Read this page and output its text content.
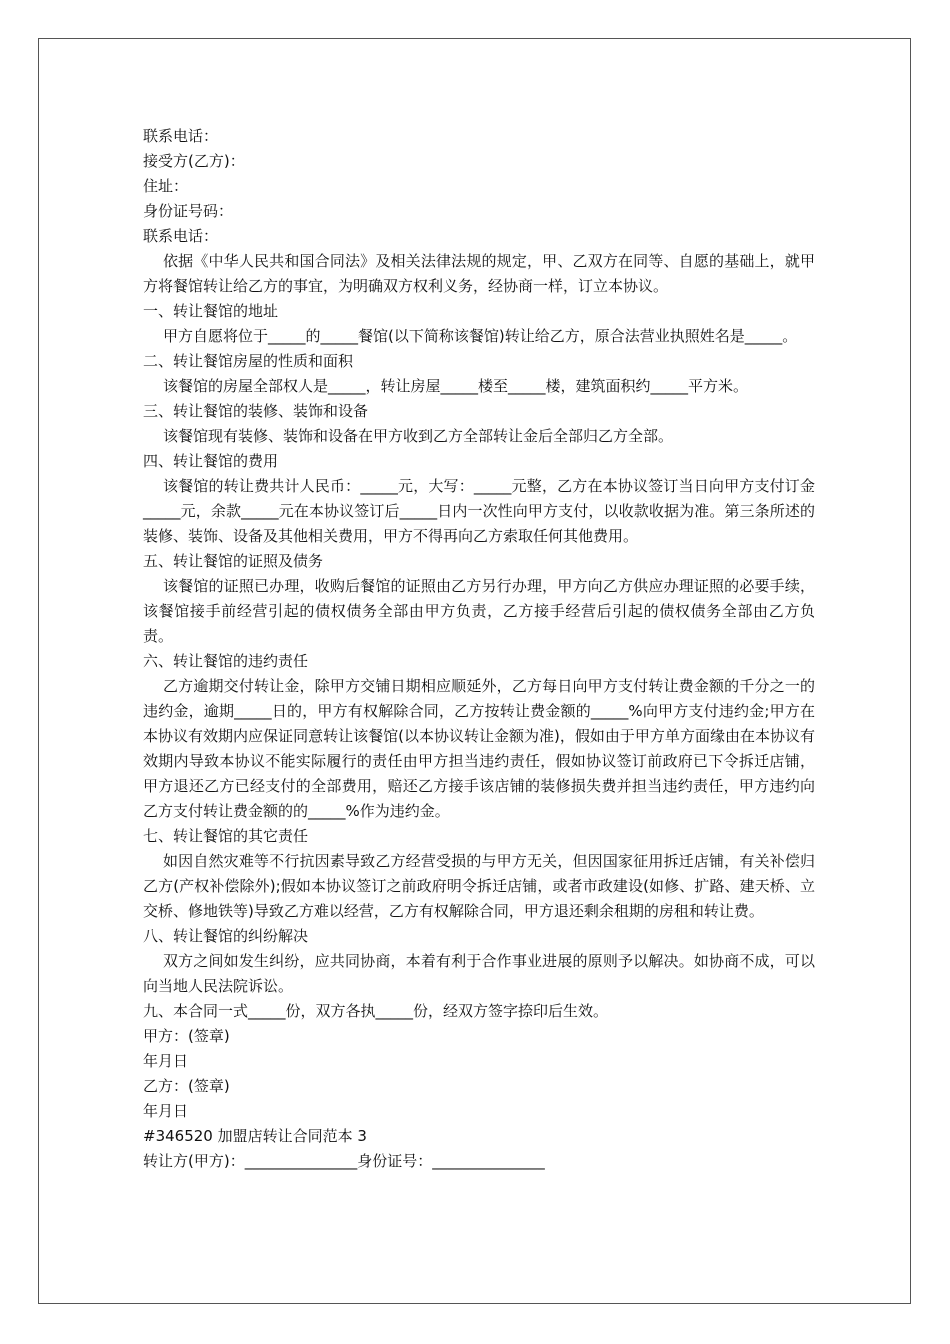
联系电话：

接受方(乙方)：

住址：

身份证号码：

联系电话：

依据《中华人民共和国合同法》及相关法律法规的规定，甲、乙双方在同等、自愿的基础上，就甲方将餐馆转让给乙方的事宜，为明确双方权利义务，经协商一样，订立本协议。

一、转让餐馆的地址

甲方自愿将位于_____的_____餐馆(以下简称该餐馆)转让给乙方，原合法营业执照姓名是_____。

二、转让餐馆房屋的性质和面积

该餐馆的房屋全部权人是_____，转让房屋_____楼至_____楼，建筑面积约_____平方米。

三、转让餐馆的装修、装饰和设备

该餐馆现有装修、装饰和设备在甲方收到乙方全部转让金后全部归乙方全部。

四、转让餐馆的费用

该餐馆的转让费共计人民币：_____元，大写：_____元整，乙方在本协议签订当日向甲方支付订金_____元，余款_____元在本协议签订后_____日内一次性向甲方支付，以收款收据为准。第三条所述的装修、装饰、设备及其他相关费用，甲方不得再向乙方索取任何其他费用。

五、转让餐馆的证照及债务

该餐馆的证照已办理，收购后餐馆的证照由乙方另行办理，甲方向乙方供应办理证照的必要手续，该餐馆接手前经营引起的债权债务全部由甲方负责，乙方接手经营后引起的债权债务全部由乙方负责。

六、转让餐馆的违约责任

乙方逾期交付转让金，除甲方交铺日期相应顺延外，乙方每日向甲方支付转让费金额的千分之一的违约金，逾期_____日的，甲方有权解除合同，乙方按转让费金额的_____%向甲方支付违约金;甲方在本协议有效期内应保证同意转让该餐馆(以本协议转让金额为准)，假如由于甲方单方面缘由在本协议有效期内导致本协议不能实际履行的责任由甲方担当违约责任，假如协议签订前政府已下令拆迁店铺，甲方退还乙方已经支付的全部费用，赔还乙方接手该店铺的装修损失费并担当违约责任，甲方违约向乙方支付转让费金额的的_____%作为违约金。

七、转让餐馆的其它责任

如因自然灾难等不行抗因素导致乙方经营受损的与甲方无关，但因国家征用拆迁店铺，有关补偿归乙方(产权补偿除外);假如本协议签订之前政府明令拆迁店铺，或者市政建设(如修、扩路、建天桥、立交桥、修地铁等)导致乙方难以经营，乙方有权解除合同，甲方退还剩余租期的房租和转让费。

八、转让餐馆的纠纷解决

双方之间如发生纠纷，应共同协商，本着有利于合作事业进展的原则予以解决。如协商不成，可以向当地人民法院诉讼。

九、本合同一式_____份，双方各执_____份，经双方签字捺印后生效。

甲方：(签章)

年月日

乙方：(签章)

年月日

#346520 加盟店转让合同范本 3

转让方(甲方)：_______________身份证号：_______________
